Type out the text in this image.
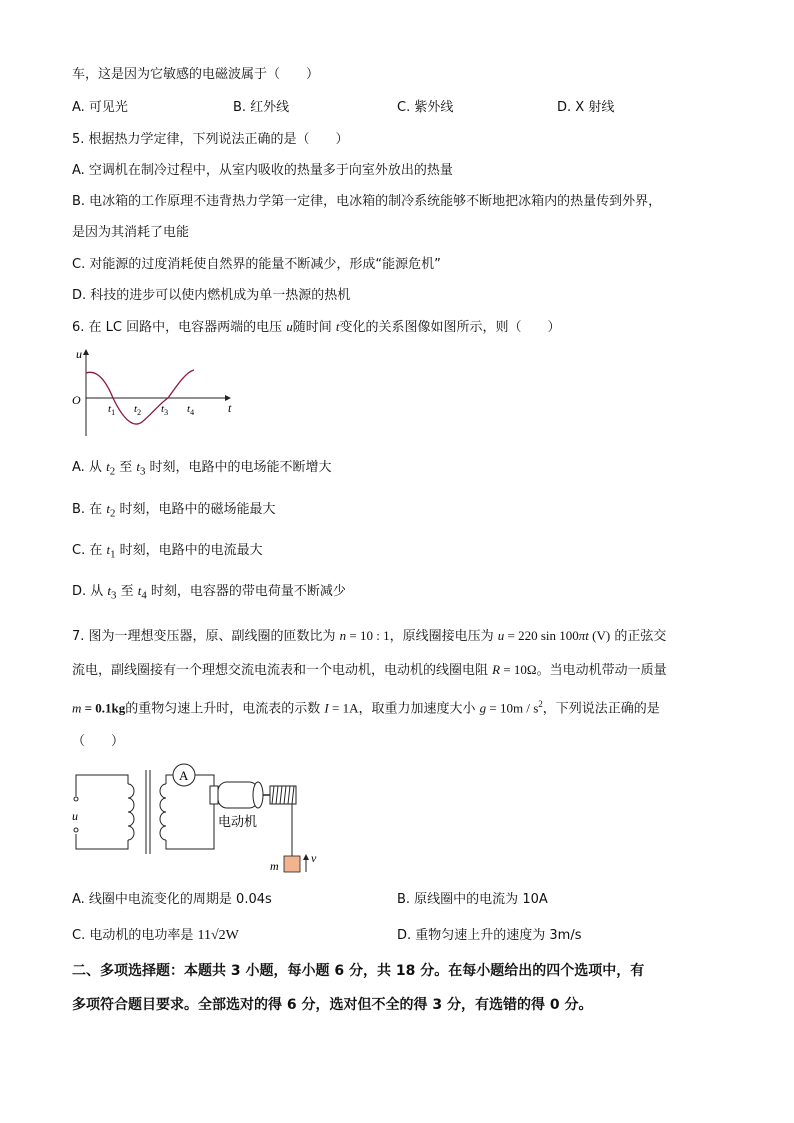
车，这是因为它敏感的电磁波属于（　　）
A. 可见光	B. 红外线	C. 紫外线	D. X 射线
5. 根据热力学定律，下列说法正确的是（　　）
A. 空调机在制冷过程中，从室内吸收的热量多于向室外放出的热量
B. 电冰箱的工作原理不违背热力学第一定律，电冰箱的制冷系统能够不断地把冰箱内的热量传到外界，
是因为其消耗了电能
C. 对能源的过度消耗使自然界的能量不断减少，形成“能源危机”
D. 科技的进步可以使内燃机成为单一热源的热机
6. 在 LC 回路中，电容器两端的电压 u随时间 t变化的关系图像如图所示，则（　　）
u
O
t
$t_1$ $t_2$ $t_3$ $t_4$
A. 从 $t_2$ 至 $t_3$ 时刻，电路中的电场能不断增大
B. 在 $t_2$ 时刻，电路中的磁场能最大
C. 在 $t_1$ 时刻，电路中的电流最大
D. 从 $t_3$ 至 $t_4$ 时刻，电容器的带电荷量不断减少
7. 图为一理想变压器，原、副线圈的匝数比为 n = 10 : 1，原线圈接电压为 u = 220 sin 100πt (V) 的正弦交
流电，副线圈接有一个理想交流电流表和一个电动机，电动机的线圈电阻 R = 10Ω。当电动机带动一质量
m = 0.1kg的重物匀速上升时，电流表的示数 I = 1A，取重力加速度大小 $g = 10m / s^2$，下列说法正确的是
（　　）
u
A
电动机
m
v
A. 线圈中电流变化的周期是 0.04s	B. 原线圈中的电流为 10A
C. 电动机的电功率是 11√2W	D. 重物匀速上升的速度为 3m/s
二、多项选择题：本题共 3 小题，每小题 6 分，共 18 分。在每小题给出的四个选项中，有
多项符合题目要求。全部选对的得 6 分，选对但不全的得 3 分，有选错的得 0 分。
